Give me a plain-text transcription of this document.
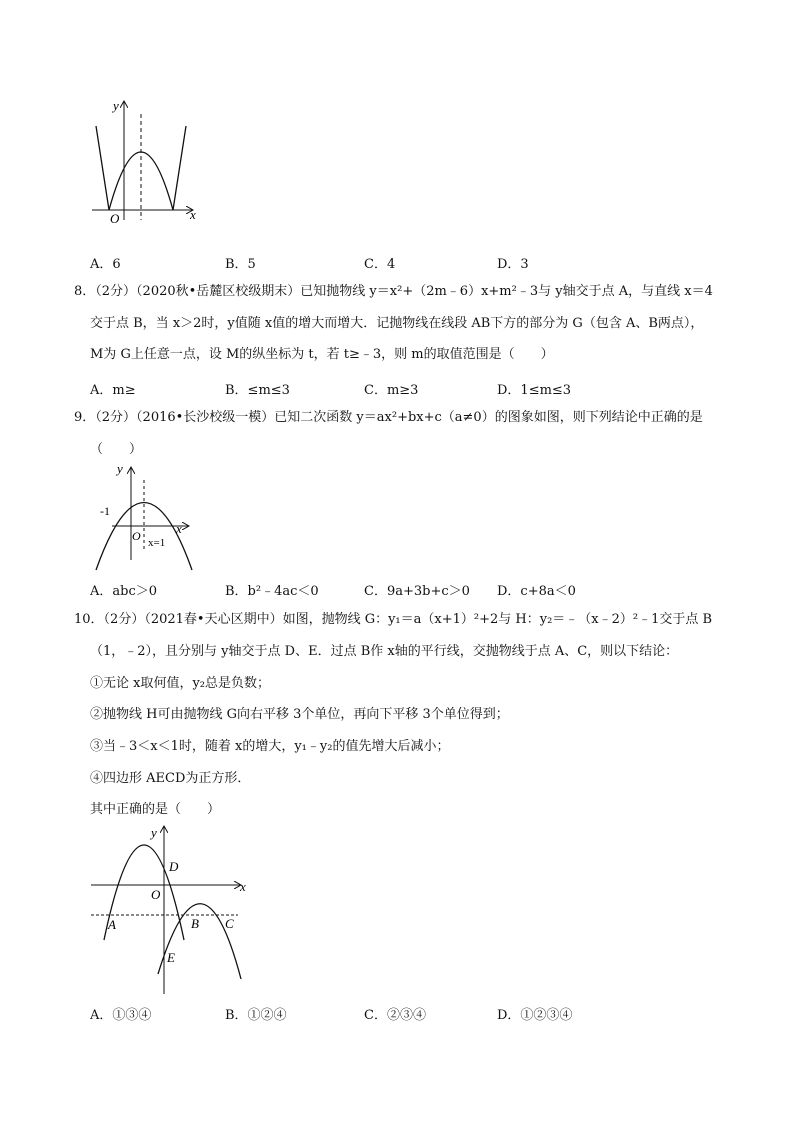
y
x
O
A．6	B．5	C．4	D．3
8．（2分）（2020秋•岳麓区校级期末）已知抛物线 y＝x²+（2m﹣6）x+m²﹣3与 y轴交于点 A，与直线 x＝4
交于点 B，当 x＞2时，y值随 x值的增大而增大．记抛物线在线段 AB下方的部分为 G（包含 A、B两点），
M为 G上任意一点，设 M的纵坐标为 t，若 t≥﹣3，则 m的取值范围是（　　）
A．m≥	B．≤m≤3	C．m≥3	D．1≤m≤3
9．（2分）（2016•长沙校级一模）已知二次函数 y＝ax²+bx+c（a≠0）的图象如图，则下列结论中正确的是
（　　）
y
x
-1
O x=1
A．abc＞0	B．b²﹣4ac＜0	C．9a+3b+c＞0 D．c+8a＜0
10．（2分）（2021春•天心区期中）如图，抛物线 G：y₁＝a（x+1）²+2与 H：y₂＝﹣（x﹣2）²﹣1交于点 B
（1，﹣2），且分别与 y轴交于点 D、E．过点 B作 x轴的平行线，交抛物线于点 A、C，则以下结论：
①无论 x取何值，y₂总是负数；
②抛物线 H可由抛物线 G向右平移 3个单位，再向下平移 3个单位得到；
③当﹣3＜x＜1时，随着 x的增大，y₁﹣y₂的值先增大后减小；
④四边形 AECD为正方形．
其中正确的是（　　）
y
x
O
D
A	B C
E
A．①③④	B．①②④	C．②③④	D．①②③④
